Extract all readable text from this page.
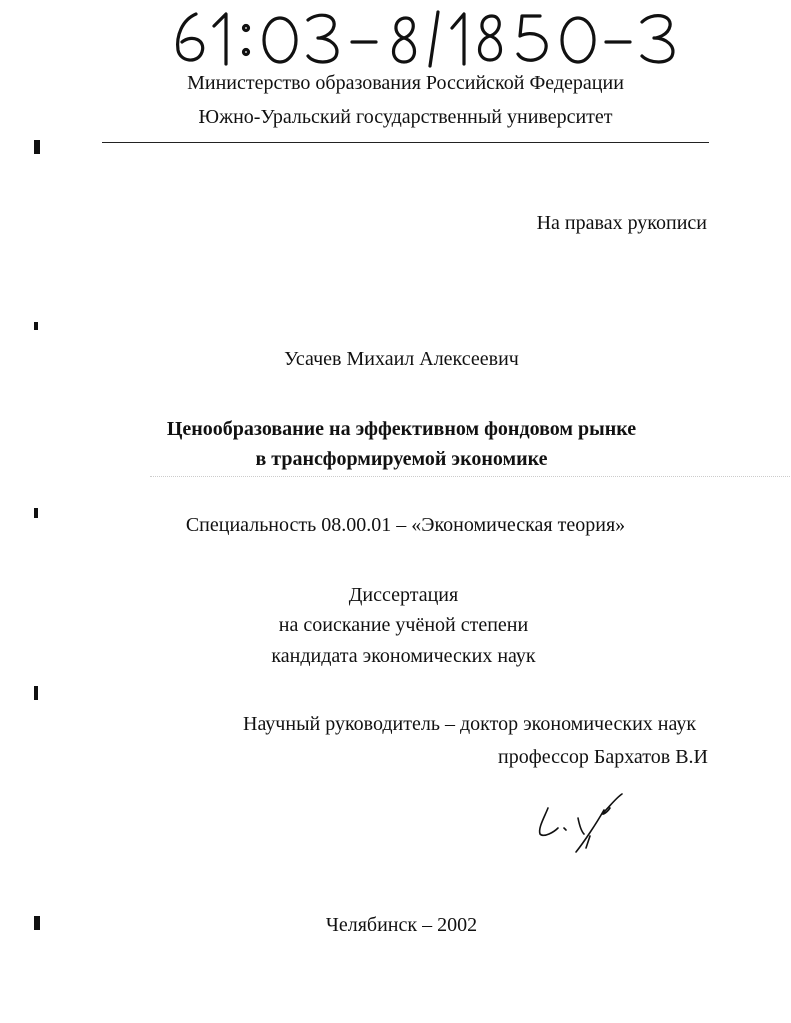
Министерство образования Российской Федерации
Южно-Уральский государственный университет
На правах рукописи
Усачев Михаил Алексеевич
Ценообразование на эффективном фондовом рынке
в трансформируемой экономике
Специальность 08.00.01 – «Экономическая теория»
Диссертация
на соискание учёной степени
кандидата экономических наук
Научный руководитель – доктор экономических наук
профессор Бархатов В.И
Челябинск – 2002
